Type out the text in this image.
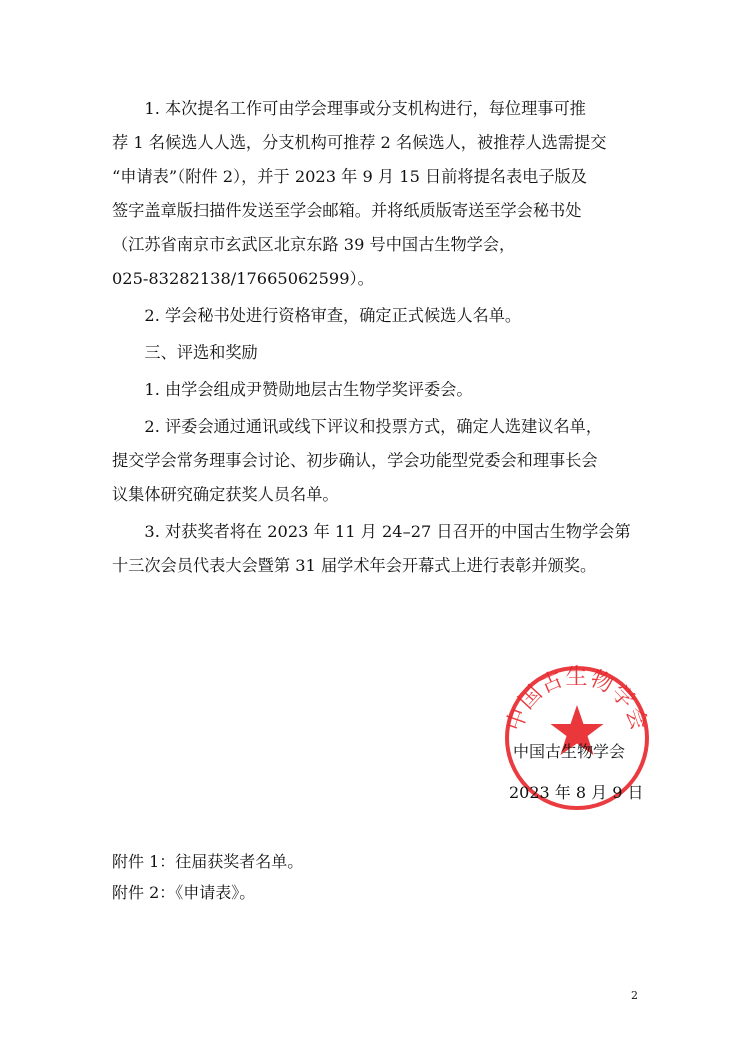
1. 本次提名工作可由学会理事或分支机构进行，每位理事可推
荐 1 名候选人人选，分支机构可推荐 2 名候选人，被推荐人选需提交
“申请表”（附件 2），并于 2023 年 9 月 15 日前将提名表电子版及
签字盖章版扫描件发送至学会邮箱。并将纸质版寄送至学会秘书处
（江苏省南京市玄武区北京东路 39 号中国古生物学会，
025-83282138/17665062599）。

2. 学会秘书处进行资格审查，确定正式候选人名单。

三、评选和奖励

1. 由学会组成尹赞勋地层古生物学奖评委会。

2. 评委会通过通讯或线下评议和投票方式，确定人选建议名单，
提交学会常务理事会讨论、初步确认，学会功能型党委会和理事长会
议集体研究确定获奖人员名单。

3. 对获奖者将在 2023 年 11 月 24–27 日召开的中国古生物学会第
十三次会员代表大会暨第 31 届学术年会开幕式上进行表彰并颁奖。

中国古生物学会
中国古生物学会
2023 年 8 月 9 日
附件 1：往届获奖者名单。
附件 2：《申请表》。
2
